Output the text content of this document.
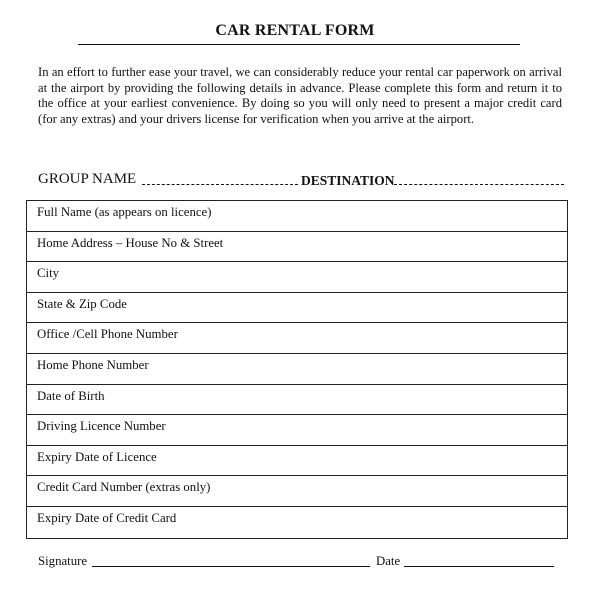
CAR RENTAL FORM

In an effort to further ease your travel, we can considerably reduce your rental car paperwork on arrival at the airport by providing the following details in advance. Please complete this form and return it to the office at your earliest convenience. By doing so you will only need to present a major credit card (for any extras) and your drivers license for verification when you arrive at the airport.

GROUP NAME	DESTINATION
Full Name (as appears on licence)
Home Address – House No & Street
City
State & Zip Code
Office /Cell Phone Number
Home Phone Number
Date of Birth
Driving Licence Number
Expiry Date of Licence
Credit Card Number (extras only)
Expiry Date of Credit Card
Signature	Date
